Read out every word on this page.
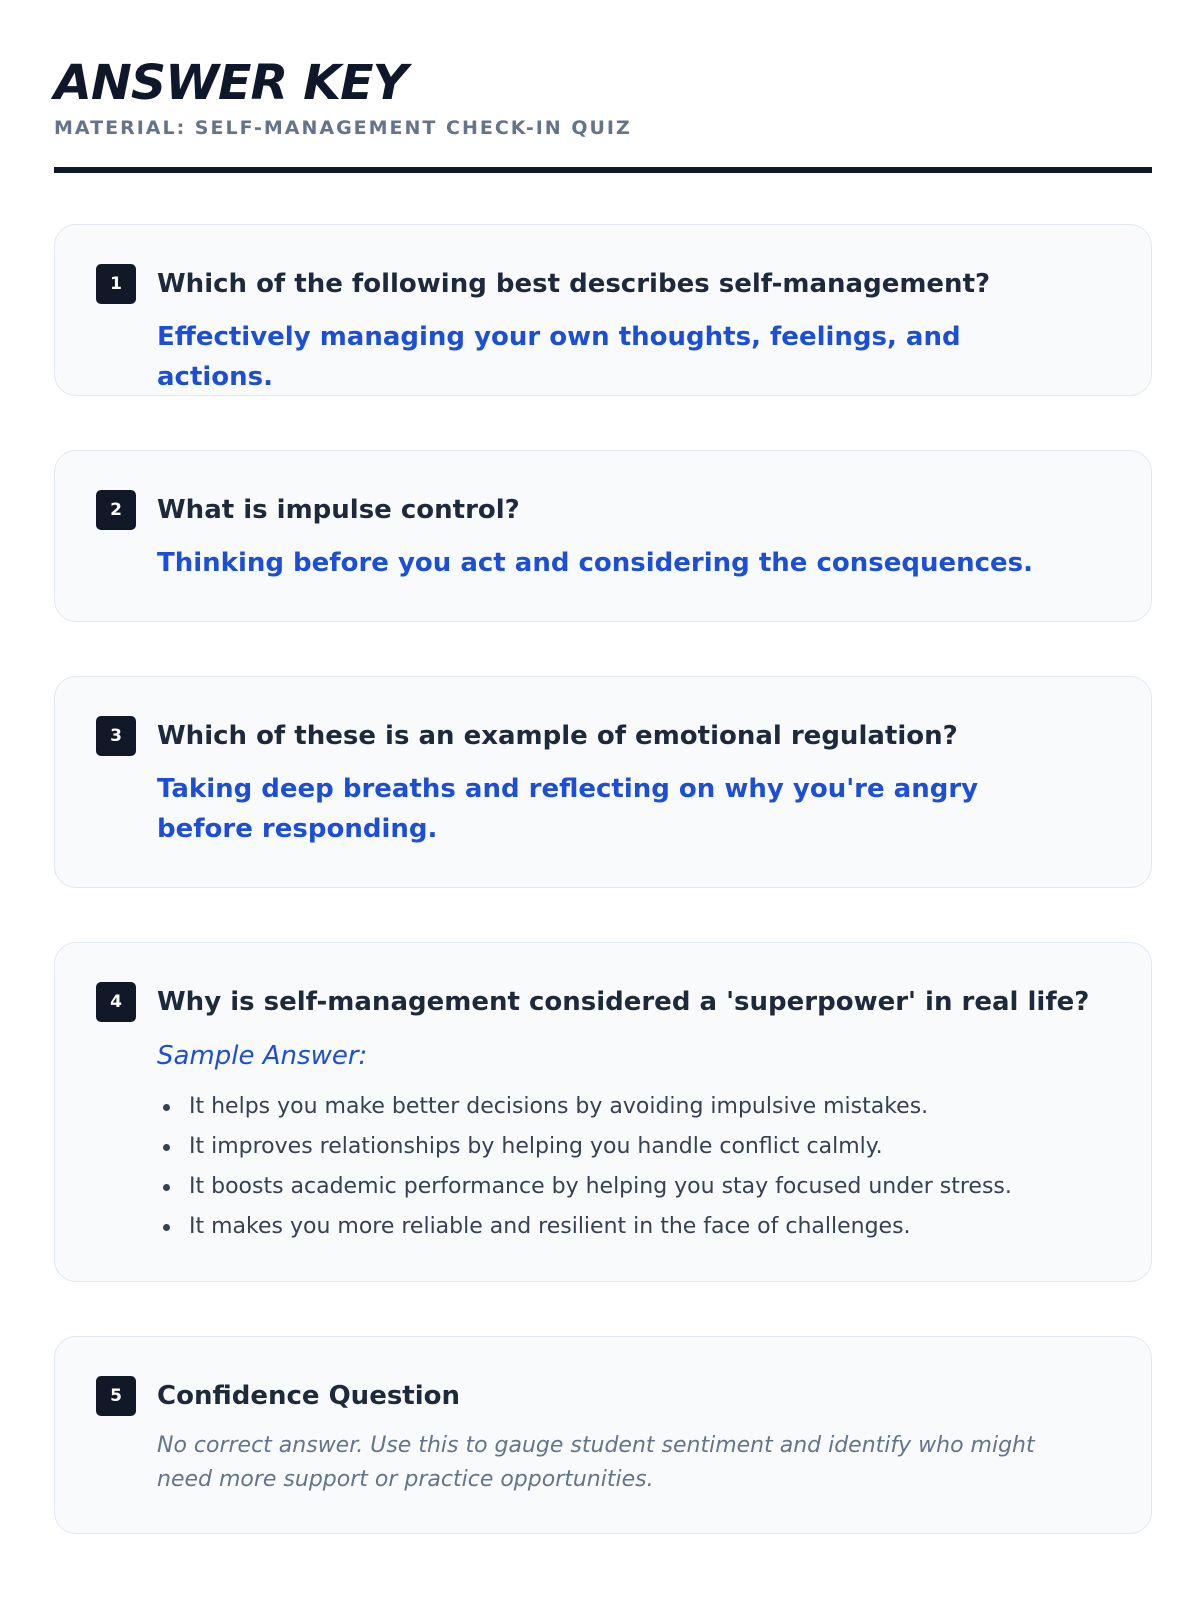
ANSWER KEY
MATERIAL: SELF-MANAGEMENT CHECK-IN QUIZ
1	Which of the following best describes self-management?
Effectively managing your own thoughts, feelings, and actions.
2	What is impulse control?
Thinking before you act and considering the consequences.
3	Which of these is an example of emotional regulation?
Taking deep breaths and reflecting on why you're angry before responding.
4	Why is self-management considered a 'superpower' in real life?
Sample Answer:
It helps you make better decisions by avoiding impulsive mistakes.
It improves relationships by helping you handle conflict calmly.
It boosts academic performance by helping you stay focused under stress.
It makes you more reliable and resilient in the face of challenges.
5	Confidence Question
No correct answer. Use this to gauge student sentiment and identify who might need more support or practice opportunities.
